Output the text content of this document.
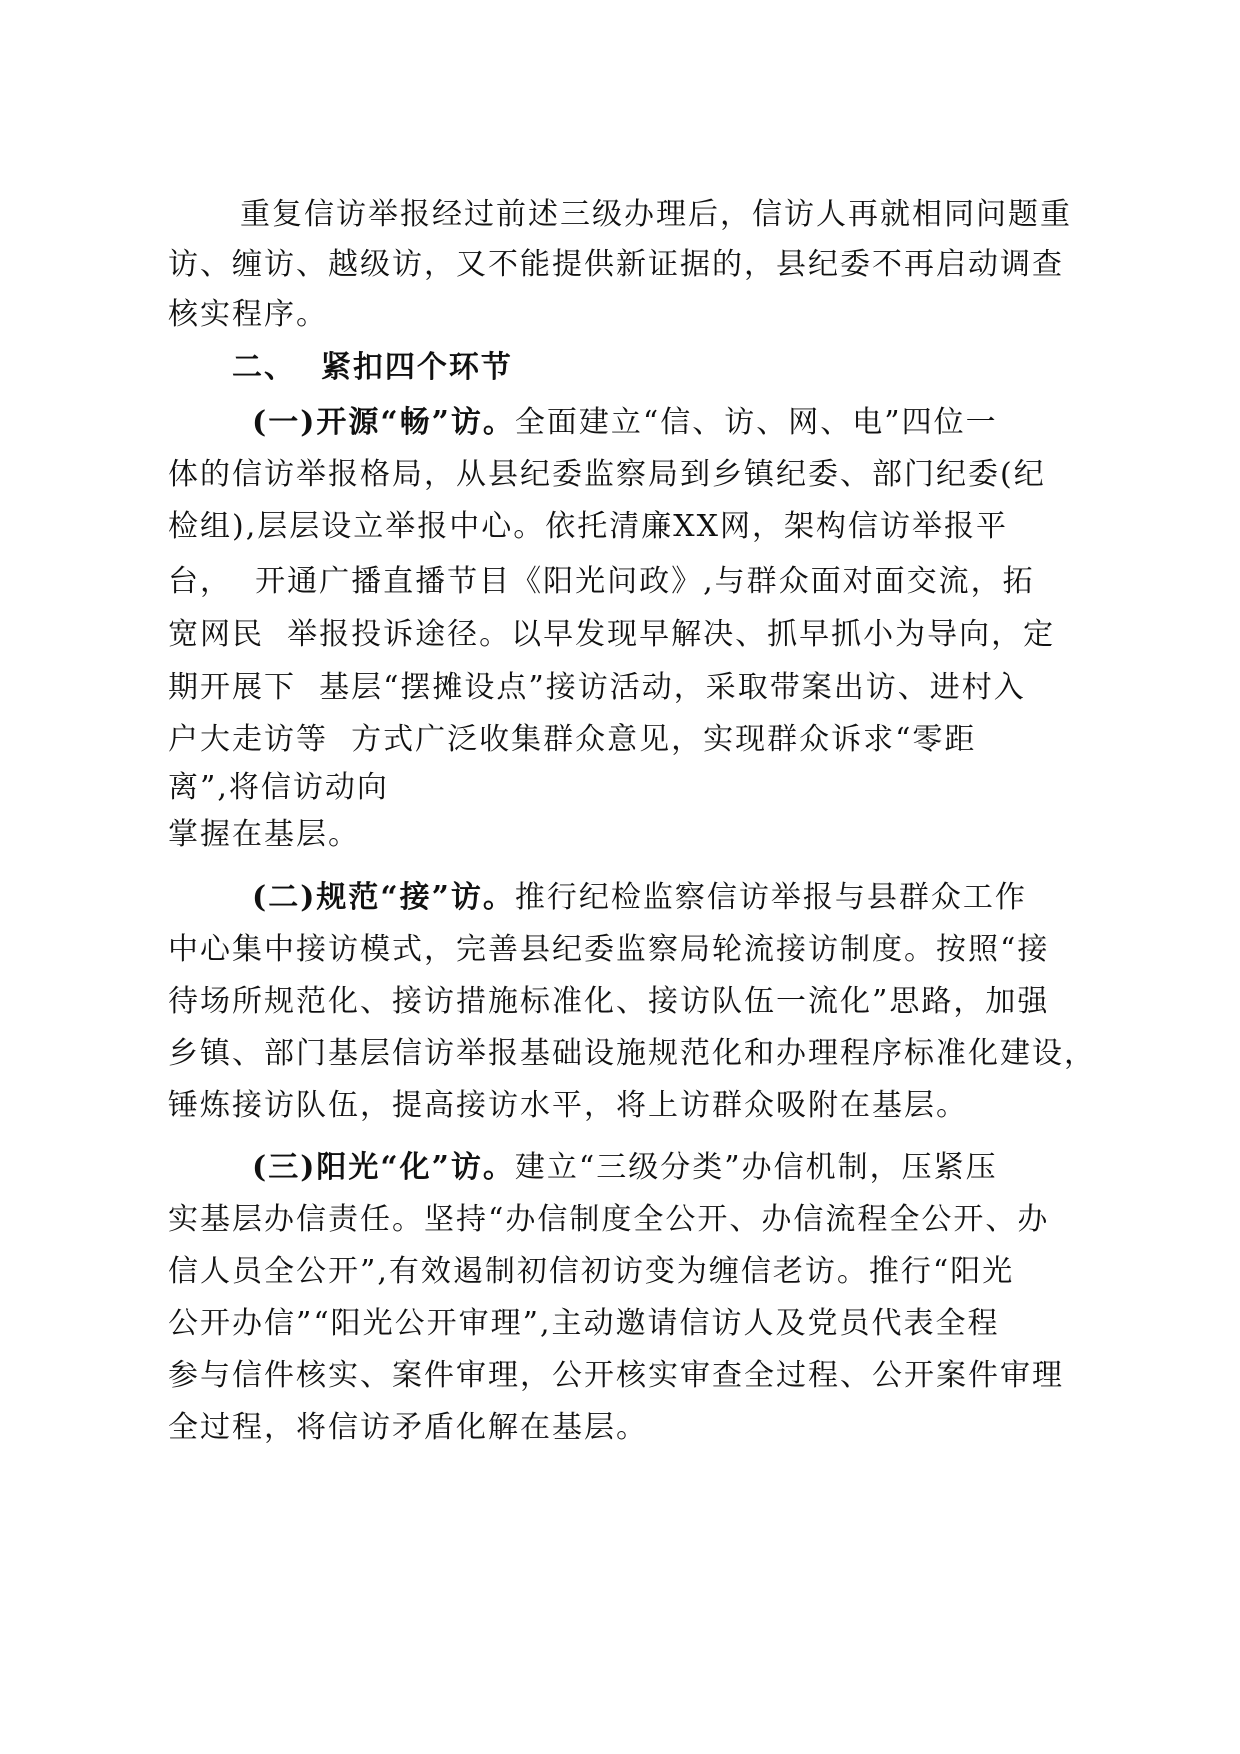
重复信访举报经过前述三级办理后，信访人再就相同问题重
访、缠访、越级访，又不能提供新证据的，县纪委不再启动调查
核实程序。
二、  紧扣四个环节
(一)开源“畅”访。全面建立“信、访、网、电”四位一
体的信访举报格局，从县纪委监察局到乡镇纪委、部门纪委(纪
检组),层层设立举报中心。依托清廉XX网，架构信访举报平
台，  开通广播直播节目《阳光问政》,与群众面对面交流，拓
宽网民  举报投诉途径。以早发现早解决、抓早抓小为导向，定
期开展下  基层“摆摊设点”接访活动，采取带案出访、进村入
户大走访等  方式广泛收集群众意见，实现群众诉求“零距
离”,将信访动向
掌握在基层。
(二)规范“接”访。推行纪检监察信访举报与县群众工作
中心集中接访模式，完善县纪委监察局轮流接访制度。按照“接
待场所规范化、接访措施标准化、接访队伍一流化”思路，加强
乡镇、部门基层信访举报基础设施规范化和办理程序标准化建设，
锤炼接访队伍，提高接访水平，将上访群众吸附在基层。
(三)阳光“化”访。建立“三级分类”办信机制，压紧压
实基层办信责任。坚持“办信制度全公开、办信流程全公开、办
信人员全公开”,有效遏制初信初访变为缠信老访。推行“阳光
公开办信”“阳光公开审理”,主动邀请信访人及党员代表全程
参与信件核实、案件审理，公开核实审查全过程、公开案件审理
全过程，将信访矛盾化解在基层。
